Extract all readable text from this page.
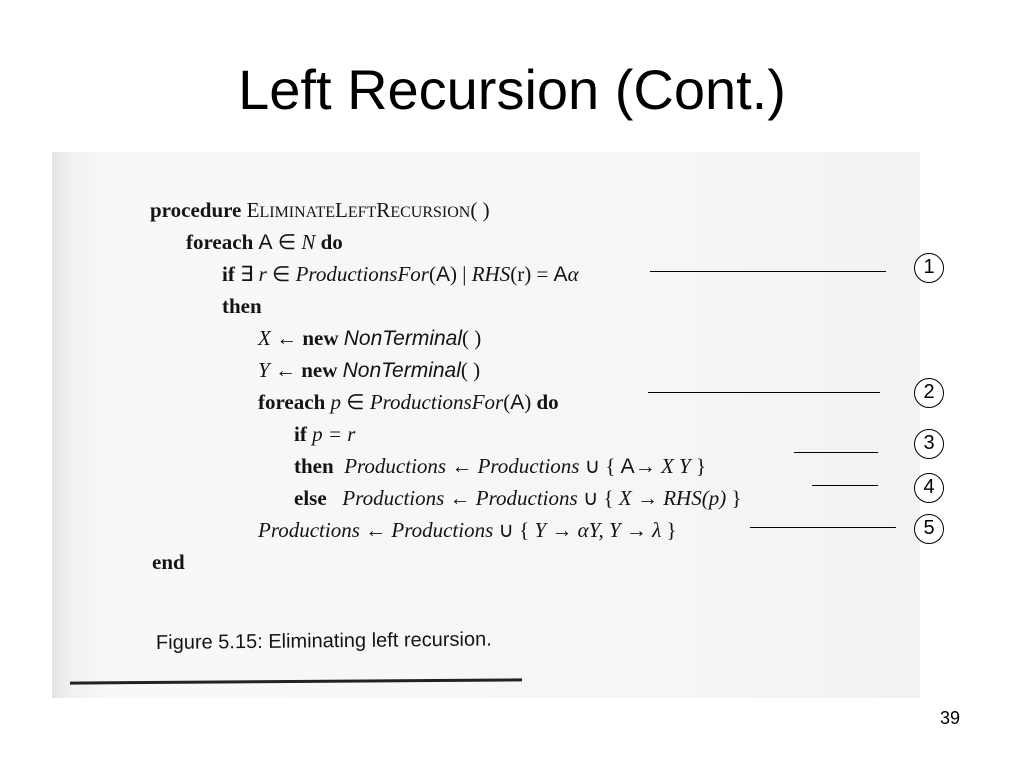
Left Recursion (Cont.)
procedure ELIMINATELEFTRECURSION( )
foreach A ∈ N do
if ∃ r ∈ ProductionsFor(A) | RHS(r) = Aα
then
X ← new NonTerminal( )
Y ← new NonTerminal( )
foreach p ∈ ProductionsFor(A) do
if p = r
then Productions ← Productions ∪ { A→ X Y }
else Productions ← Productions ∪ { X → RHS(p) }
Productions ← Productions ∪ { Y → αY, Y → λ }
end
Figure 5.15: Eliminating left recursion.
1
2
3
4
5
39
